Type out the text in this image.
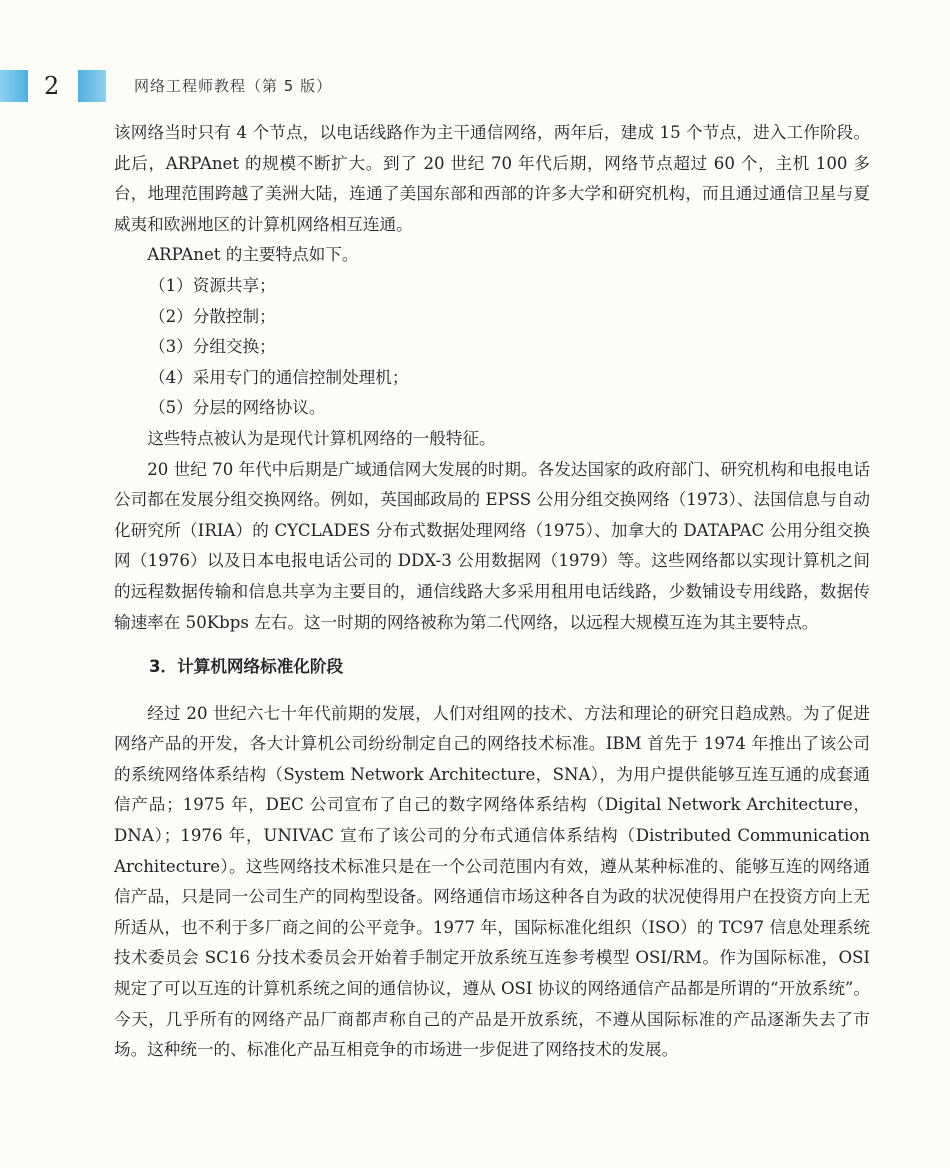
2	网络工程师教程（第 5 版）

该网络当时只有 4 个节点，以电话线路作为主干通信网络，两年后，建成 15 个节点，进入工作阶段。此后，ARPAnet 的规模不断扩大。到了 20 世纪 70 年代后期，网络节点超过 60 个，主机 100 多台，地理范围跨越了美洲大陆，连通了美国东部和西部的许多大学和研究机构，而且通过通信卫星与夏威夷和欧洲地区的计算机网络相互连通。

ARPAnet 的主要特点如下。

（1）资源共享；

（2）分散控制；

（3）分组交换；

（4）采用专门的通信控制处理机；

（5）分层的网络协议。

这些特点被认为是现代计算机网络的一般特征。

20 世纪 70 年代中后期是广域通信网大发展的时期。各发达国家的政府部门、研究机构和电报电话公司都在发展分组交换网络。例如，英国邮政局的 EPSS 公用分组交换网络（1973）、法国信息与自动化研究所（IRIA）的 CYCLADES 分布式数据处理网络（1975）、加拿大的 DATAPAC 公用分组交换网（1976）以及日本电报电话公司的 DDX-3 公用数据网（1979）等。这些网络都以实现计算机之间的远程数据传输和信息共享为主要目的，通信线路大多采用租用电话线路，少数铺设专用线路，数据传输速率在 50Kbps 左右。这一时期的网络被称为第二代网络，以远程大规模互连为其主要特点。

3．计算机网络标准化阶段

经过 20 世纪六七十年代前期的发展，人们对组网的技术、方法和理论的研究日趋成熟。为了促进网络产品的开发，各大计算机公司纷纷制定自己的网络技术标准。IBM 首先于 1974 年推出了该公司的系统网络体系结构（System Network Architecture，SNA），为用户提供能够互连互通的成套通信产品；1975 年，DEC 公司宣布了自己的数字网络体系结构（Digital Network Architecture，DNA）；1976 年，UNIVAC 宣布了该公司的分布式通信体系结构（Distributed Communication Architecture）。这些网络技术标准只是在一个公司范围内有效，遵从某种标准的、能够互连的网络通信产品，只是同一公司生产的同构型设备。网络通信市场这种各自为政的状况使得用户在投资方向上无所适从，也不利于多厂商之间的公平竞争。1977 年，国际标准化组织（ISO）的 TC97 信息处理系统技术委员会 SC16 分技术委员会开始着手制定开放系统互连参考模型 OSI/RM。作为国际标准，OSI 规定了可以互连的计算机系统之间的通信协议，遵从 OSI 协议的网络通信产品都是所谓的“开放系统”。今天，几乎所有的网络产品厂商都声称自己的产品是开放系统，不遵从国际标准的产品逐渐失去了市场。这种统一的、标准化产品互相竞争的市场进一步促进了网络技术的发展。
